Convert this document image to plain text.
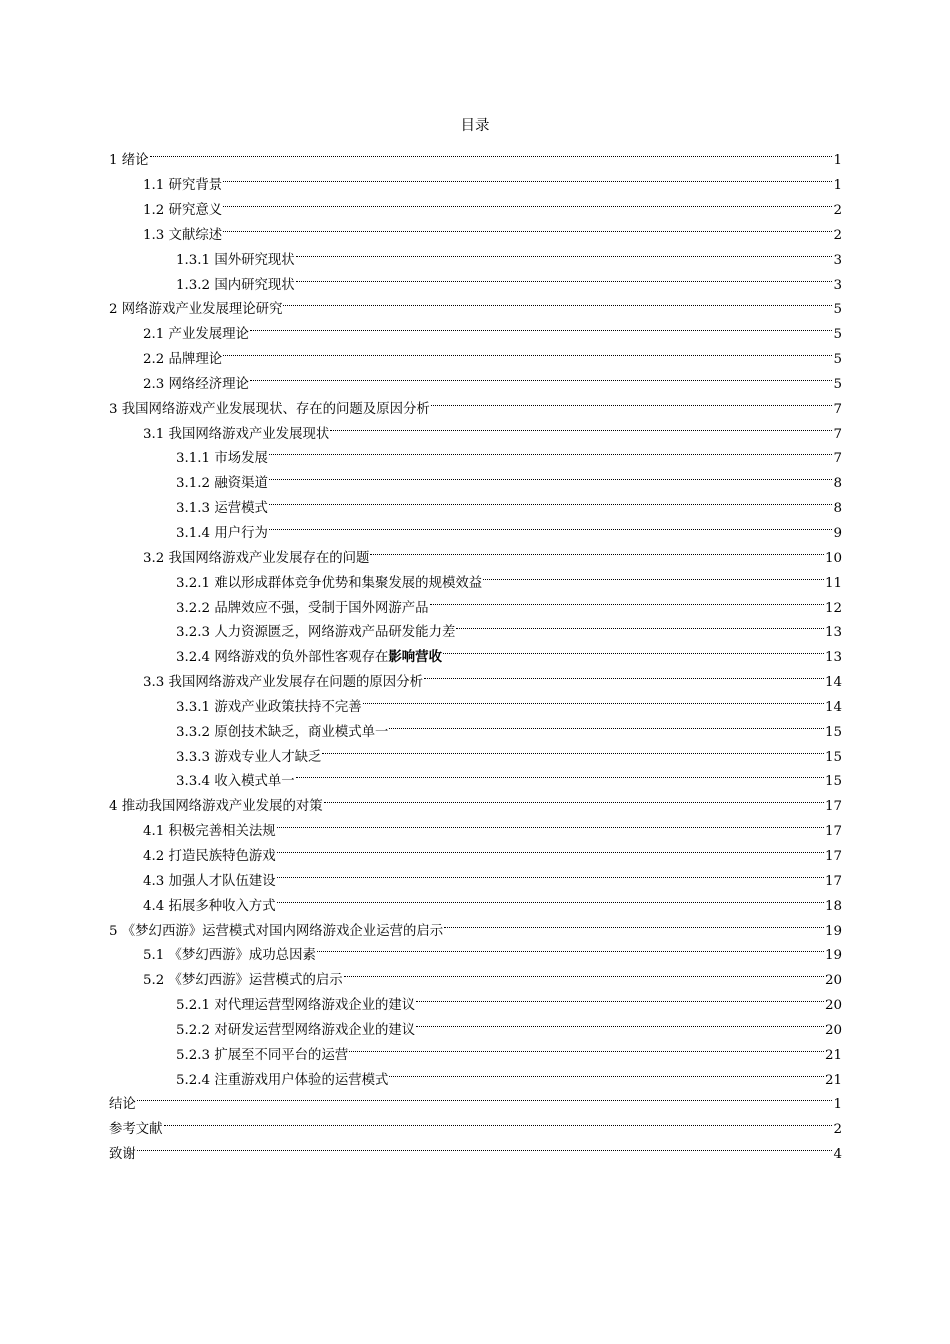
目录
1 绪论	1
1.1 研究背景	1
1.2 研究意义	2
1.3 文献综述	2
1.3.1 国外研究现状	3
1.3.2 国内研究现状	3
2 网络游戏产业发展理论研究	5
2.1 产业发展理论	5
2.2 品牌理论	5
2.3 网络经济理论	5
3 我国网络游戏产业发展现状、存在的问题及原因分析	7
3.1 我国网络游戏产业发展现状	7
3.1.1 市场发展	7
3.1.2 融资渠道	8
3.1.3 运营模式	8
3.1.4 用户行为	9
3.2 我国网络游戏产业发展存在的问题	10
3.2.1 难以形成群体竞争优势和集聚发展的规模效益	11
3.2.2 品牌效应不强，受制于国外网游产品	12
3.2.3 人力资源匮乏，网络游戏产品研发能力差	13
3.2.4 网络游戏的负外部性客观存在影响营收	13
3.3 我国网络游戏产业发展存在问题的原因分析	14
3.3.1 游戏产业政策扶持不完善	14
3.3.2 原创技术缺乏，商业模式单一	15
3.3.3 游戏专业人才缺乏	15
3.3.4 收入模式单一	15
4 推动我国网络游戏产业发展的对策	17
4.1 积极完善相关法规	17
4.2 打造民族特色游戏	17
4.3 加强人才队伍建设	17
4.4 拓展多种收入方式	18
5 《梦幻西游》运营模式对国内网络游戏企业运营的启示	19
5.1 《梦幻西游》成功总因素	19
5.2 《梦幻西游》运营模式的启示	20
5.2.1 对代理运营型网络游戏企业的建议	20
5.2.2 对研发运营型网络游戏企业的建议	20
5.2.3 扩展至不同平台的运营	21
5.2.4 注重游戏用户体验的运营模式	21
结论	1
参考文献	2
致谢	4
